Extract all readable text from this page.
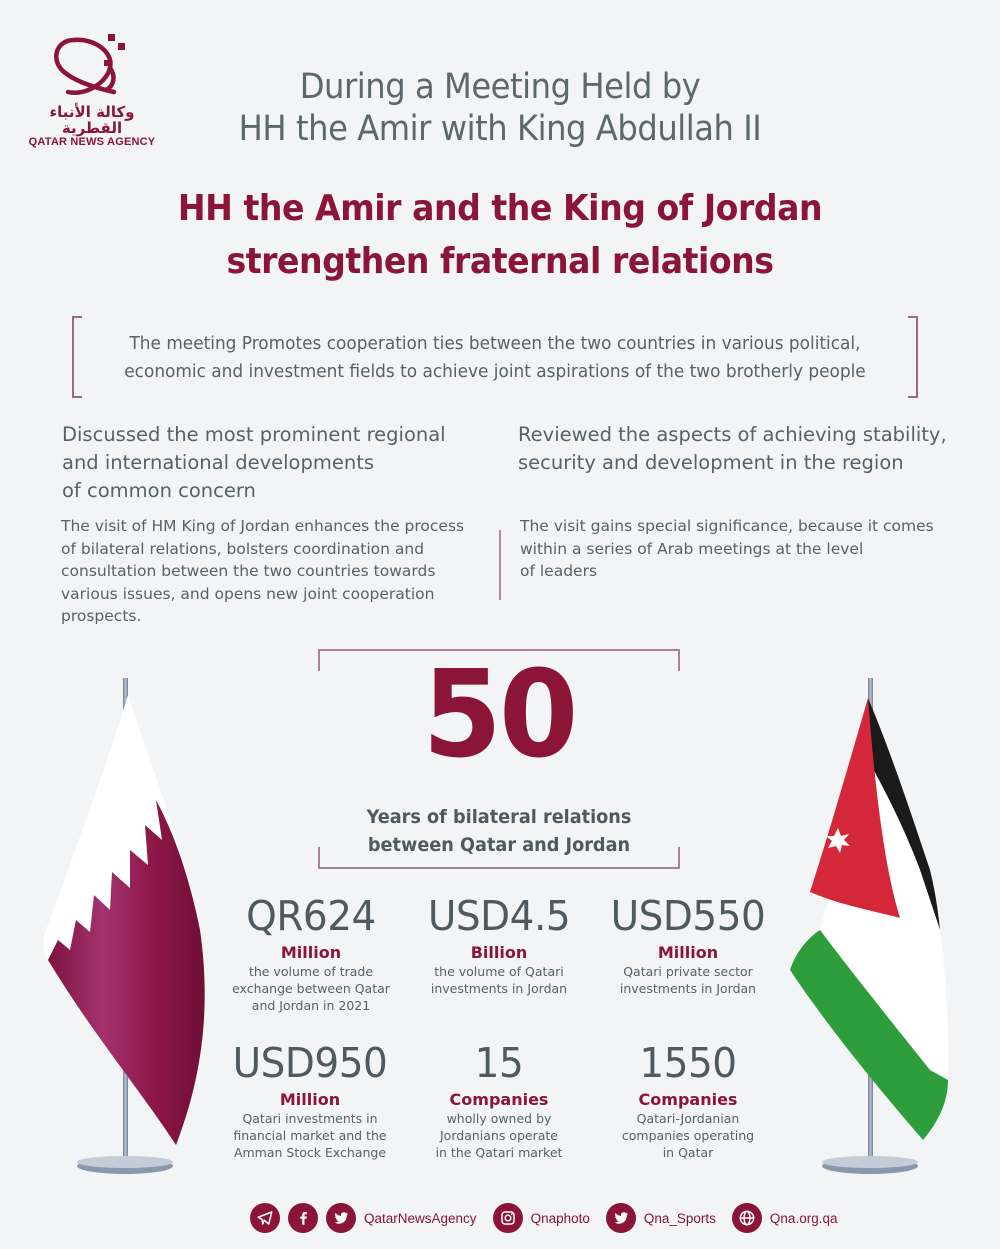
وكالة الأنباء القطرية
QATAR NEWS AGENCY
During a Meeting Held by
HH the Amir with King Abdullah II
HH the Amir and the King of Jordan
strengthen fraternal relations
The meeting Promotes cooperation ties between the two countries in various political,
economic and investment fields to achieve joint aspirations of the two brotherly people
Discussed the most prominent regional
and international developments
of common concern
The visit of HM King of Jordan enhances the process
of bilateral relations, bolsters coordination and
consultation between the two countries towards
various issues, and opens new joint cooperation
prospects.
Reviewed the aspects of achieving stability,
security and development in the region
The visit gains special significance, because it comes
within a series of Arab meetings at the level
of leaders
50
Years of bilateral relations
between Qatar and Jordan
QR624
Million
the volume of trade
exchange between Qatar
and Jordan in 2021
USD4.5
Billion
the volume of Qatari
investments in Jordan
USD550
Million
Qatari private sector
investments in Jordan
USD950
Million
Qatari investments in
financial market and the
Amman Stock Exchange
15
Companies
wholly owned by
Jordanians operate
in the Qatari market
1550
Companies
Qatari-Jordanian
companies operating
in Qatar
QatarNewsAgency	Qnaphoto	Qna_Sports	Qna.org.qa
